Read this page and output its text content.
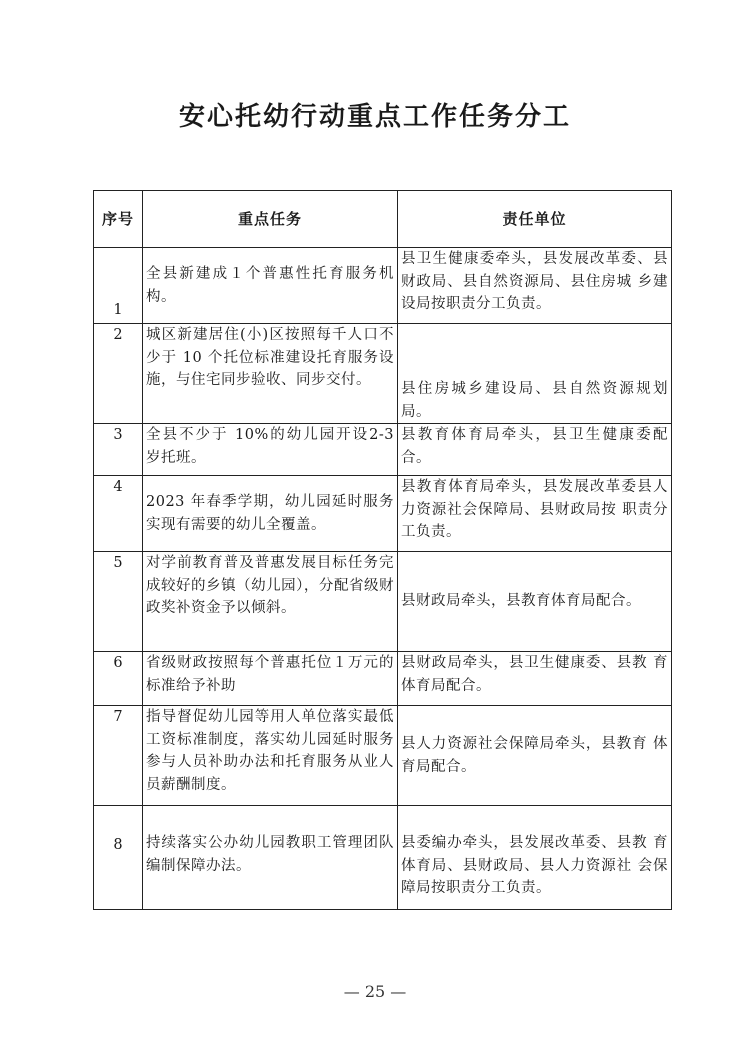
安心托幼行动重点工作任务分工
序号	重点任务	责任单位
1	全县新建成１个普惠性托育服务机构。	县卫生健康委牵头，县发展改革委、县财政局、县自然资源局、县住房城 乡建设局按职责分工负责。
2	城区新建居住(小)区按照每千人口不少于 10 个托位标准建设托育服务设施，与住宅同步验收、同步交付。	县住房城乡建设局、县自然资源规划局。
3	全县不少于 10%的幼儿园开设2-3 岁托班。	县教育体育局牵头，县卫生健康委配合。
4	2023 年春季学期，幼儿园延时服务 实现有需要的幼儿全覆盖。	县教育体育局牵头，县发展改革委县人力资源社会保障局、县财政局按 职责分工负责。
5	对学前教育普及普惠发展目标任务完成较好的乡镇（幼儿园），分配省级财政奖补资金予以倾斜。	县财政局牵头，县教育体育局配合。
6	省级财政按照每个普惠托位１万元的标准给予补助	县财政局牵头，县卫生健康委、县教 育体育局配合。
7	指导督促幼儿园等用人单位落实最低工资标准制度，落实幼儿园延时服务参与人员补助办法和托育服务从业人员薪酬制度。	县人力资源社会保障局牵头，县教育 体育局配合。
8	持续落实公办幼儿园教职工管理团队编制保障办法。	县委编办牵头，县发展改革委、县教 育体育局、县财政局、县人力资源社 会保障局按职责分工负责。
— 25 —
